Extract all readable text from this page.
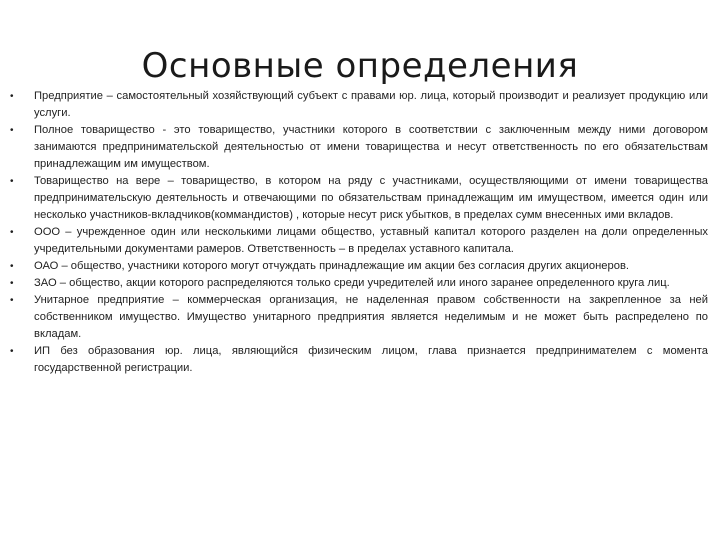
Основные определения
•	Предприятие – самостоятельный хозяйствующий субъект с правами юр. лица, который производит и реализует продукцию или услуги.
•	Полное товарищество - это товарищество, участники которого в соответствии с заключенным между ними договором занимаются предпринимательской деятельностью от имени товарищества и несут ответственность по его обязательствам принадлежащим им имуществом.
•	Товарищество на вере – товарищество, в котором на ряду с участниками, осуществляющими от имени товарищества предпринимательскую деятельность и отвечающими по обязательствам принадлежащим им имуществом, имеется один или несколько участников-вкладчиков(коммандистов) , которые несут риск убытков, в пределах сумм внесенных ими вкладов.
•	ООО – учрежденное один или несколькими лицами общество, уставный капитал которого разделен на доли определенных учредительными документами рамеров. Ответственность – в пределах уставного капитала.
•	ОАО – общество, участники которого могут отчуждать принадлежащие им акции без согласия других акционеров.
•	ЗАО – общество, акции которого распределяются только среди учредителей или иного заранее определенного круга лиц.
•	Унитарное предприятие – коммерческая организация, не наделенная правом собственности на закрепленное за ней собственником имущество. Имущество унитарного предприятия является неделимым и не может быть распределено по вкладам.
•	ИП без образования юр. лица, являющийся физическим лицом, глава признается предпринимателем с момента государственной регистрации.
